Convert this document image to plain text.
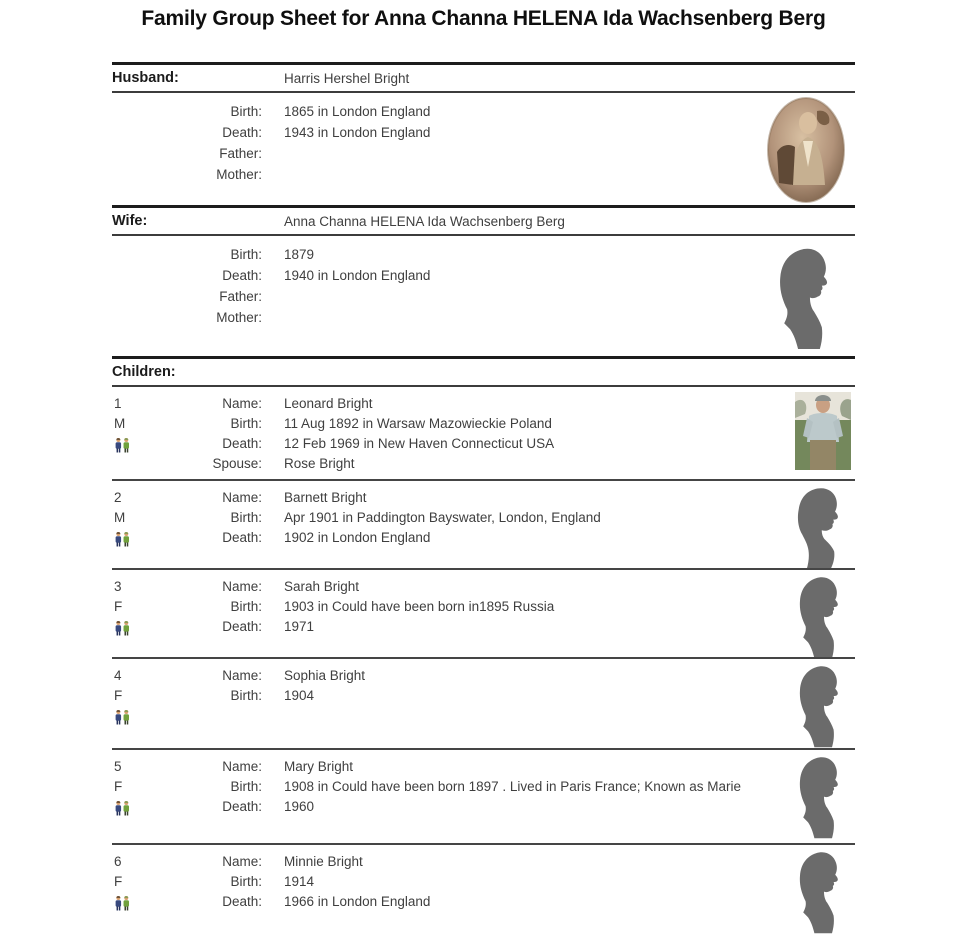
Family Group Sheet for Anna Channa HELENA Ida Wachsenberg Berg
Husband:	Harris Hershel Bright
Birth: 1865 in London England
Death: 1943 in London England
Father:
Mother:
Wife:	Anna Channa HELENA Ida Wachsenberg Berg
Birth: 1879
Death: 1940 in London England
Father:
Mother:
Children:
1
M
Name: Leonard Bright
Birth: 11 Aug 1892 in Warsaw Mazowieckie Poland
Death: 12 Feb 1969 in New Haven Connecticut USA
Spouse: Rose Bright
2
M
Name: Barnett Bright
Birth: Apr 1901 in Paddington Bayswater, London, England
Death: 1902 in London England
3
F
Name: Sarah Bright
Birth: 1903 in Could have been born in1895 Russia
Death: 1971
4
F
Name: Sophia Bright
Birth: 1904
5
F
Name: Mary Bright
Birth: 1908 in Could have been born 1897 . Lived in Paris France; Known as Marie
Death: 1960
6
F
Name: Minnie Bright
Birth: 1914
Death: 1966 in London England
